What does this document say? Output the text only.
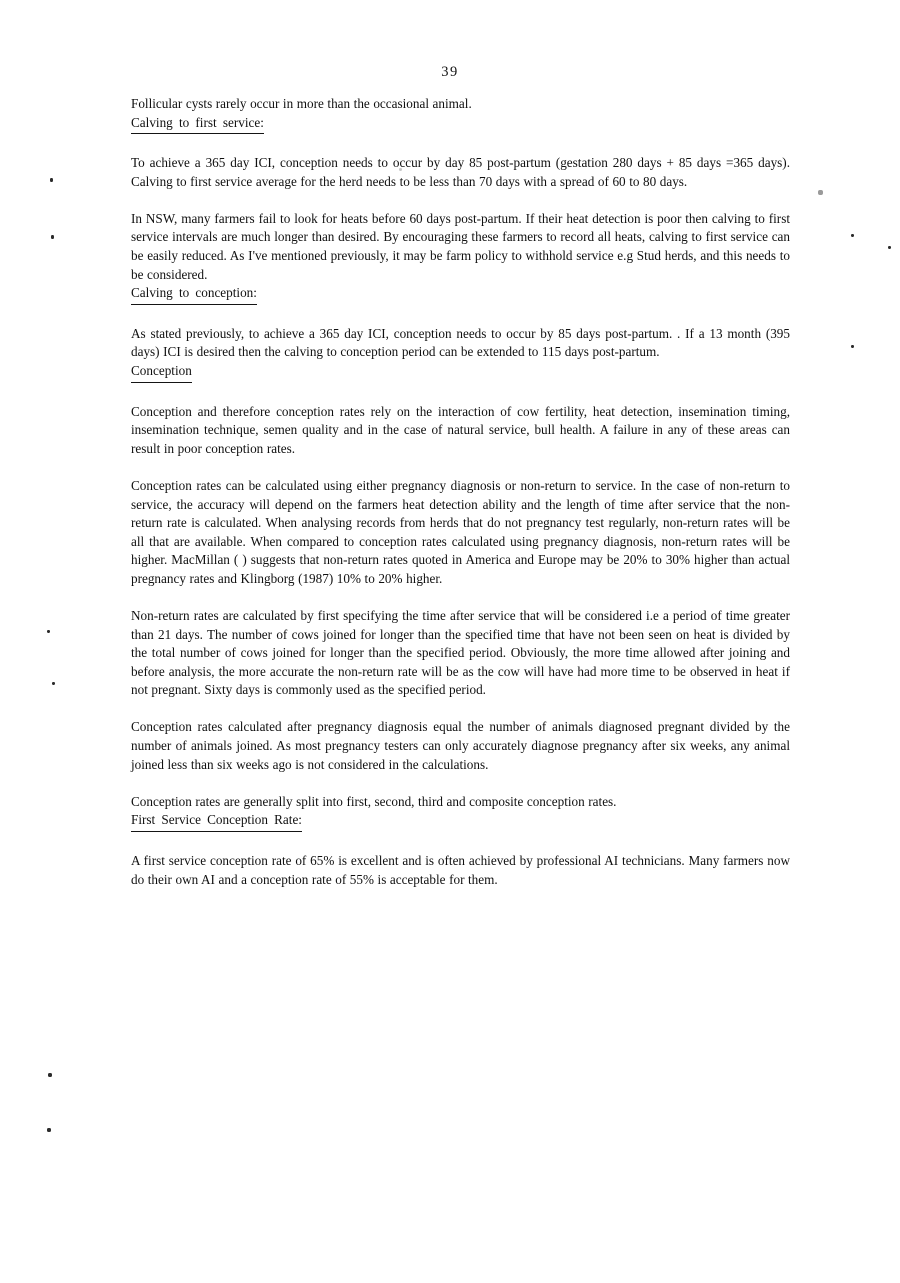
39

Follicular cysts rarely occur in more than the occasional animal.

Calving to first service:

To achieve a 365 day ICI, conception needs to occur by day 85 post-partum (gestation 280 days + 85 days =365 days). Calving to first service average for the herd needs to be less than 70 days with a spread of 60 to 80 days.

In NSW, many farmers fail to look for heats before 60 days post-partum. If their heat detection is poor then calving to first service intervals are much longer than desired. By encouraging these farmers to record all heats, calving to first service can be easily reduced. As I've mentioned previously, it may be farm policy to withhold service e.g Stud herds, and this needs to be considered.

Calving to conception:

As stated previously, to achieve a 365 day ICI, conception needs to occur by 85 days post-partum. . If a 13 month (395 days) ICI is desired then the calving to conception period can be extended to 115 days post-partum.

Conception

Conception and therefore conception rates rely on the interaction of cow fertility, heat detection, insemination timing, insemination technique, semen quality and in the case of natural service, bull health. A failure in any of these areas can result in poor conception rates.

Conception rates can be calculated using either pregnancy diagnosis or non-return to service. In the case of non-return to service, the accuracy will depend on the farmers heat detection ability and the length of time after service that the non-return rate is calculated. When analysing records from herds that do not pregnancy test regularly, non-return rates will be all that are available. When compared to conception rates calculated using pregnancy diagnosis, non-return rates will be higher. MacMillan ( ) suggests that non-return rates quoted in America and Europe may be 20% to 30% higher than actual pregnancy rates and Klingborg (1987) 10% to 20% higher.

Non-return rates are calculated by first specifying the time after service that will be considered i.e a period of time greater than 21 days. The number of cows joined for longer than the specified time that have not been seen on heat is divided by the total number of cows joined for longer than the specified period. Obviously, the more time allowed after joining and before analysis, the more accurate the non-return rate will be as the cow will have had more time to be observed in heat if not pregnant. Sixty days is commonly used as the specified period.

Conception rates calculated after pregnancy diagnosis equal the number of animals diagnosed pregnant divided by the number of animals joined. As most pregnancy testers can only accurately diagnose pregnancy after six weeks, any animal joined less than six weeks ago is not considered in the calculations.

Conception rates are generally split into first, second, third and composite conception rates.

First Service Conception Rate:

A first service conception rate of 65% is excellent and is often achieved by professional AI technicians. Many farmers now do their own AI and a conception rate of 55% is acceptable for them.
